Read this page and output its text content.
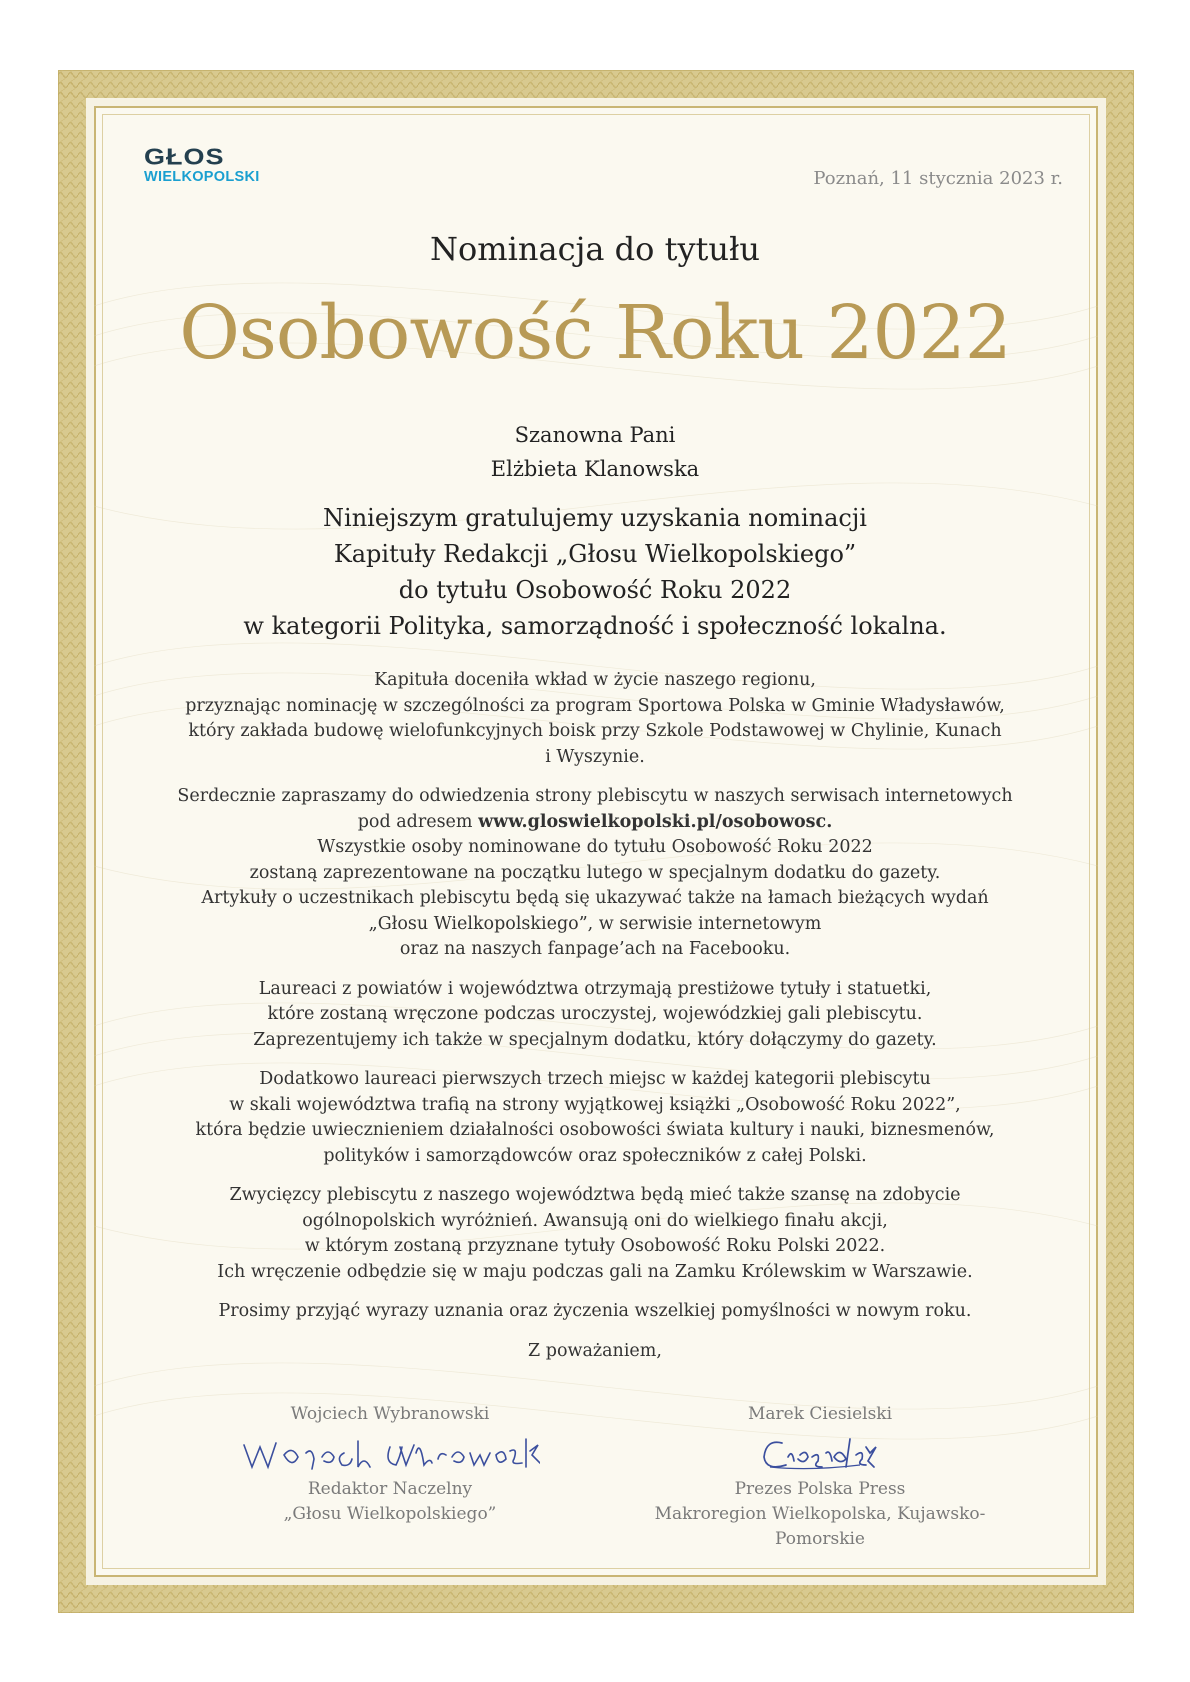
GŁOS
WIELKOPOLSKI	Poznań, 11 stycznia 2023 r.
Nominacja do tytułu
Osobowość Roku 2022
Szanowna Pani
Elżbieta Klanowska
Niniejszym gratulujemy uzyskania nominacji
Kapituły Redakcji „Głosu Wielkopolskiego”
do tytułu Osobowość Roku 2022
w kategorii Polityka, samorządność i społeczność lokalna.

Kapituła doceniła wkład w życie naszego regionu,
przyznając nominację w szczególności za program Sportowa Polska w Gminie Władysławów,
który zakłada budowę wielofunkcyjnych boisk przy Szkole Podstawowej w Chylinie, Kunach
i Wyszynie.

Serdecznie zapraszamy do odwiedzenia strony plebiscytu w naszych serwisach internetowych
pod adresem www.gloswielkopolski.pl/osobowosc.
Wszystkie osoby nominowane do tytułu Osobowość Roku 2022
zostaną zaprezentowane na początku lutego w specjalnym dodatku do gazety.
Artykuły o uczestnikach plebiscytu będą się ukazywać także na łamach bieżących wydań
„Głosu Wielkopolskiego”, w serwisie internetowym
oraz na naszych fanpage’ach na Facebooku.

Laureaci z powiatów i województwa otrzymają prestiżowe tytuły i statuetki,
które zostaną wręczone podczas uroczystej, wojewódzkiej gali plebiscytu.
Zaprezentujemy ich także w specjalnym dodatku, który dołączymy do gazety.

Dodatkowo laureaci pierwszych trzech miejsc w każdej kategorii plebiscytu
w skali województwa trafią na strony wyjątkowej książki „Osobowość Roku 2022”,
która będzie uwiecznieniem działalności osobowości świata kultury i nauki, biznesmenów,
polityków i samorządowców oraz społeczników z całej Polski.

Zwycięzcy plebiscytu z naszego województwa będą mieć także szansę na zdobycie
ogólnopolskich wyróżnień. Awansują oni do wielkiego finału akcji,
w którym zostaną przyznane tytuły Osobowość Roku Polski 2022.
Ich wręczenie odbędzie się w maju podczas gali na Zamku Królewskim w Warszawie.

Prosimy przyjąć wyrazy uznania oraz życzenia wszelkiej pomyślności w nowym roku.

Z poważaniem,

Wojciech Wybranowski
Redaktor Naczelny
„Głosu Wielkopolskiego”
Marek Ciesielski
Prezes Polska Press
Makroregion Wielkopolska, Kujawsko-Pomorskie
